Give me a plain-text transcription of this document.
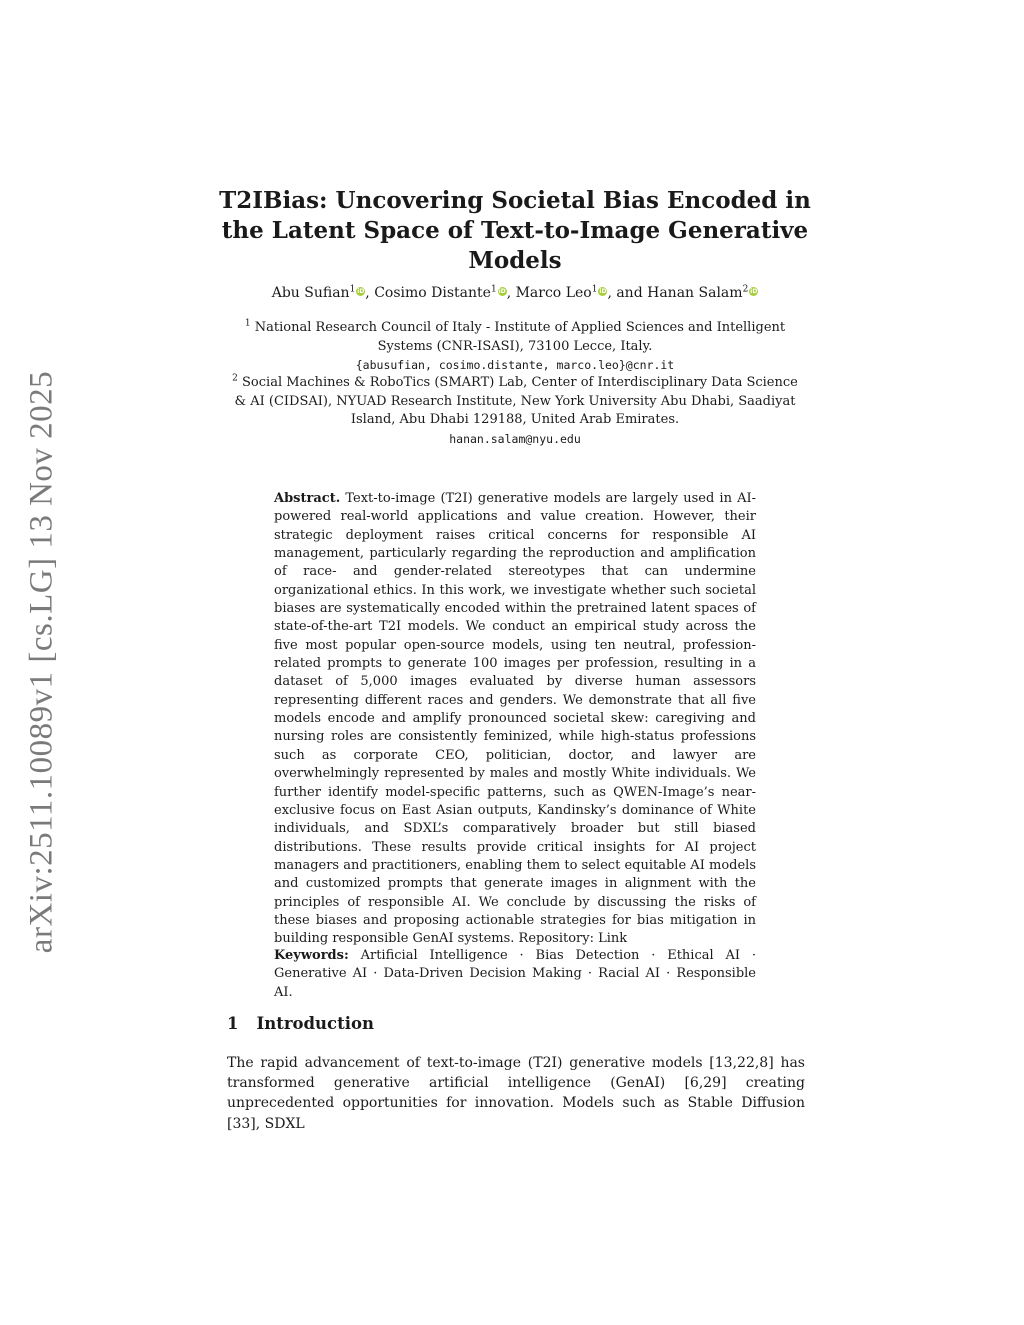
arXiv:2511.10089v1 [cs.LG] 13 Nov 2025
T2IBias: Uncovering Societal Bias Encoded in the Latent Space of Text-to-Image Generative Models
Abu Sufian$^1$ iD, Cosimo Distante$^1$ iD, Marco Leo$^1$ iD, and Hanan Salam$^2$ iD
$^1$ National Research Council of Italy - Institute of Applied Sciences and Intelligent Systems (CNR-ISASI), 73100 Lecce, Italy.
{abusufian, cosimo.distante, marco.leo}@cnr.it
$^2$ Social Machines & RoboTics (SMART) Lab, Center of Interdisciplinary Data Science & AI (CIDSAI), NYUAD Research Institute, New York University Abu Dhabi, Saadiyat Island, Abu Dhabi 129188, United Arab Emirates.
hanan.salam@nyu.edu

Abstract. Text-to-image (T2I) generative models are largely used in AI-powered real-world applications and value creation. However, their strategic deployment raises critical concerns for responsible AI management, particularly regarding the reproduction and amplification of race- and gender-related stereotypes that can undermine organizational ethics. In this work, we investigate whether such societal biases are systematically encoded within the pretrained latent spaces of state-of-the-art T2I models. We conduct an empirical study across the five most popular open-source models, using ten neutral, profession-related prompts to generate 100 images per profession, resulting in a dataset of 5,000 images evaluated by diverse human assessors representing different races and genders. We demonstrate that all five models encode and amplify pronounced societal skew: caregiving and nursing roles are consistently feminized, while high-status professions such as corporate CEO, politician, doctor, and lawyer are overwhelmingly represented by males and mostly White individuals. We further identify model-specific patterns, such as QWEN-Image’s near-exclusive focus on East Asian outputs, Kandinsky’s dominance of White individuals, and SDXL’s comparatively broader but still biased distributions. These results provide critical insights for AI project managers and practitioners, enabling them to select equitable AI models and customized prompts that generate images in alignment with the principles of responsible AI. We conclude by discussing the risks of these biases and proposing actionable strategies for bias mitigation in building responsible GenAI systems. Repository: Link

Keywords: Artificial Intelligence · Bias Detection · Ethical AI · Generative AI · Data-Driven Decision Making · Racial AI · Responsible AI.

1 Introduction

The rapid advancement of text-to-image (T2I) generative models [13,22,8] has transformed generative artificial intelligence (GenAI) [6,29] creating unprecedented opportunities for innovation. Models such as Stable Diffusion [33], SDXL
